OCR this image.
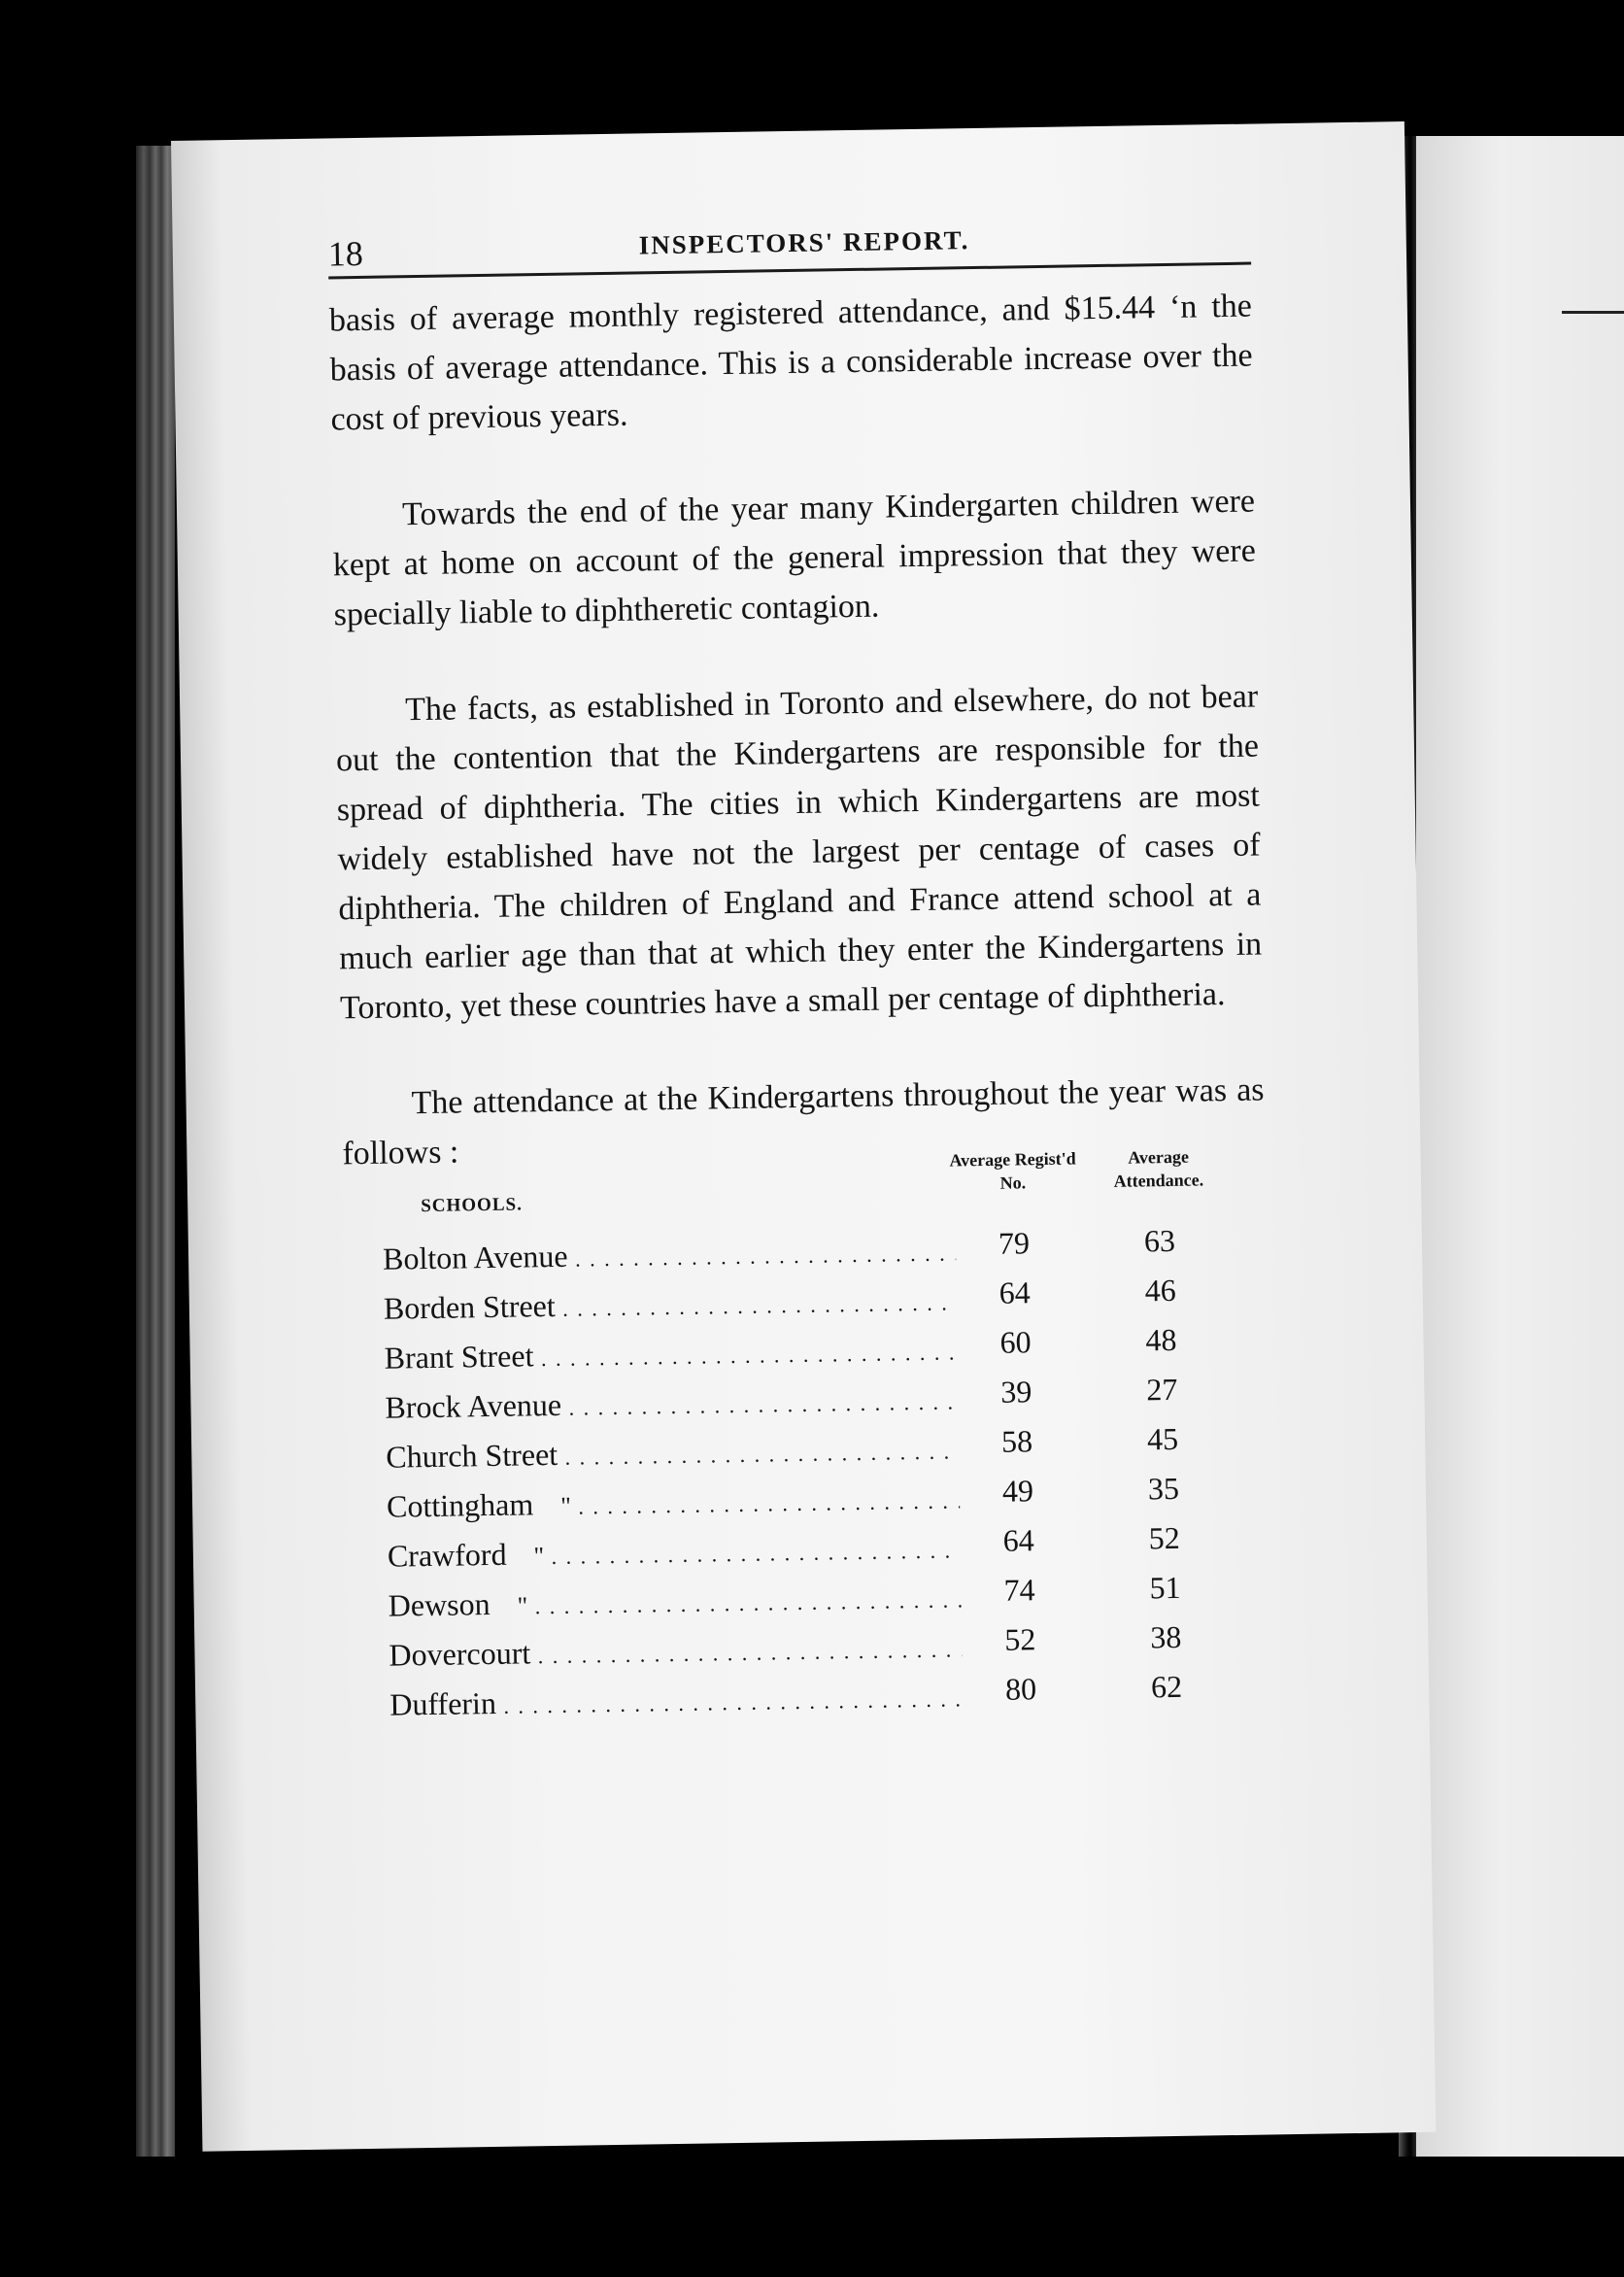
18	INSPECTORS' REPORT.

basis of average monthly registered attendance, and $15.44 ‘n the basis of average attendance. This is a considerable increase over the cost of previous years.

Towards the end of the year many Kindergarten children were kept at home on account of the general impression that they were specially liable to diphtheretic contagion.

The facts, as established in Toronto and elsewhere, do not bear out the contention that the Kindergartens are responsible for the spread of diphtheria. The cities in which Kindergartens are most widely established have not the largest per centage of cases of diphtheria. The children of England and France attend school at a much earlier age than that at which they enter the Kindergartens in Toronto, yet these countries have a small per centage of diphtheria.

The attendance at the Kindergartens throughout the year was as follows :	Average Regist'd No.
Average Attendance.
SCHOOLS.
Bolton Avenue . . .	79	63
Borden Street . . .	64	46
Brant Street . . .	60	48
Brock Avenue . . .	39	27
Church Street . . .	58	45
Cottingham " . . .	49	35
Crawford " . . .	64	52
Dewson " . . .	74	51
Dovercourt . . .	52	38
Dufferin . . .	80	62
